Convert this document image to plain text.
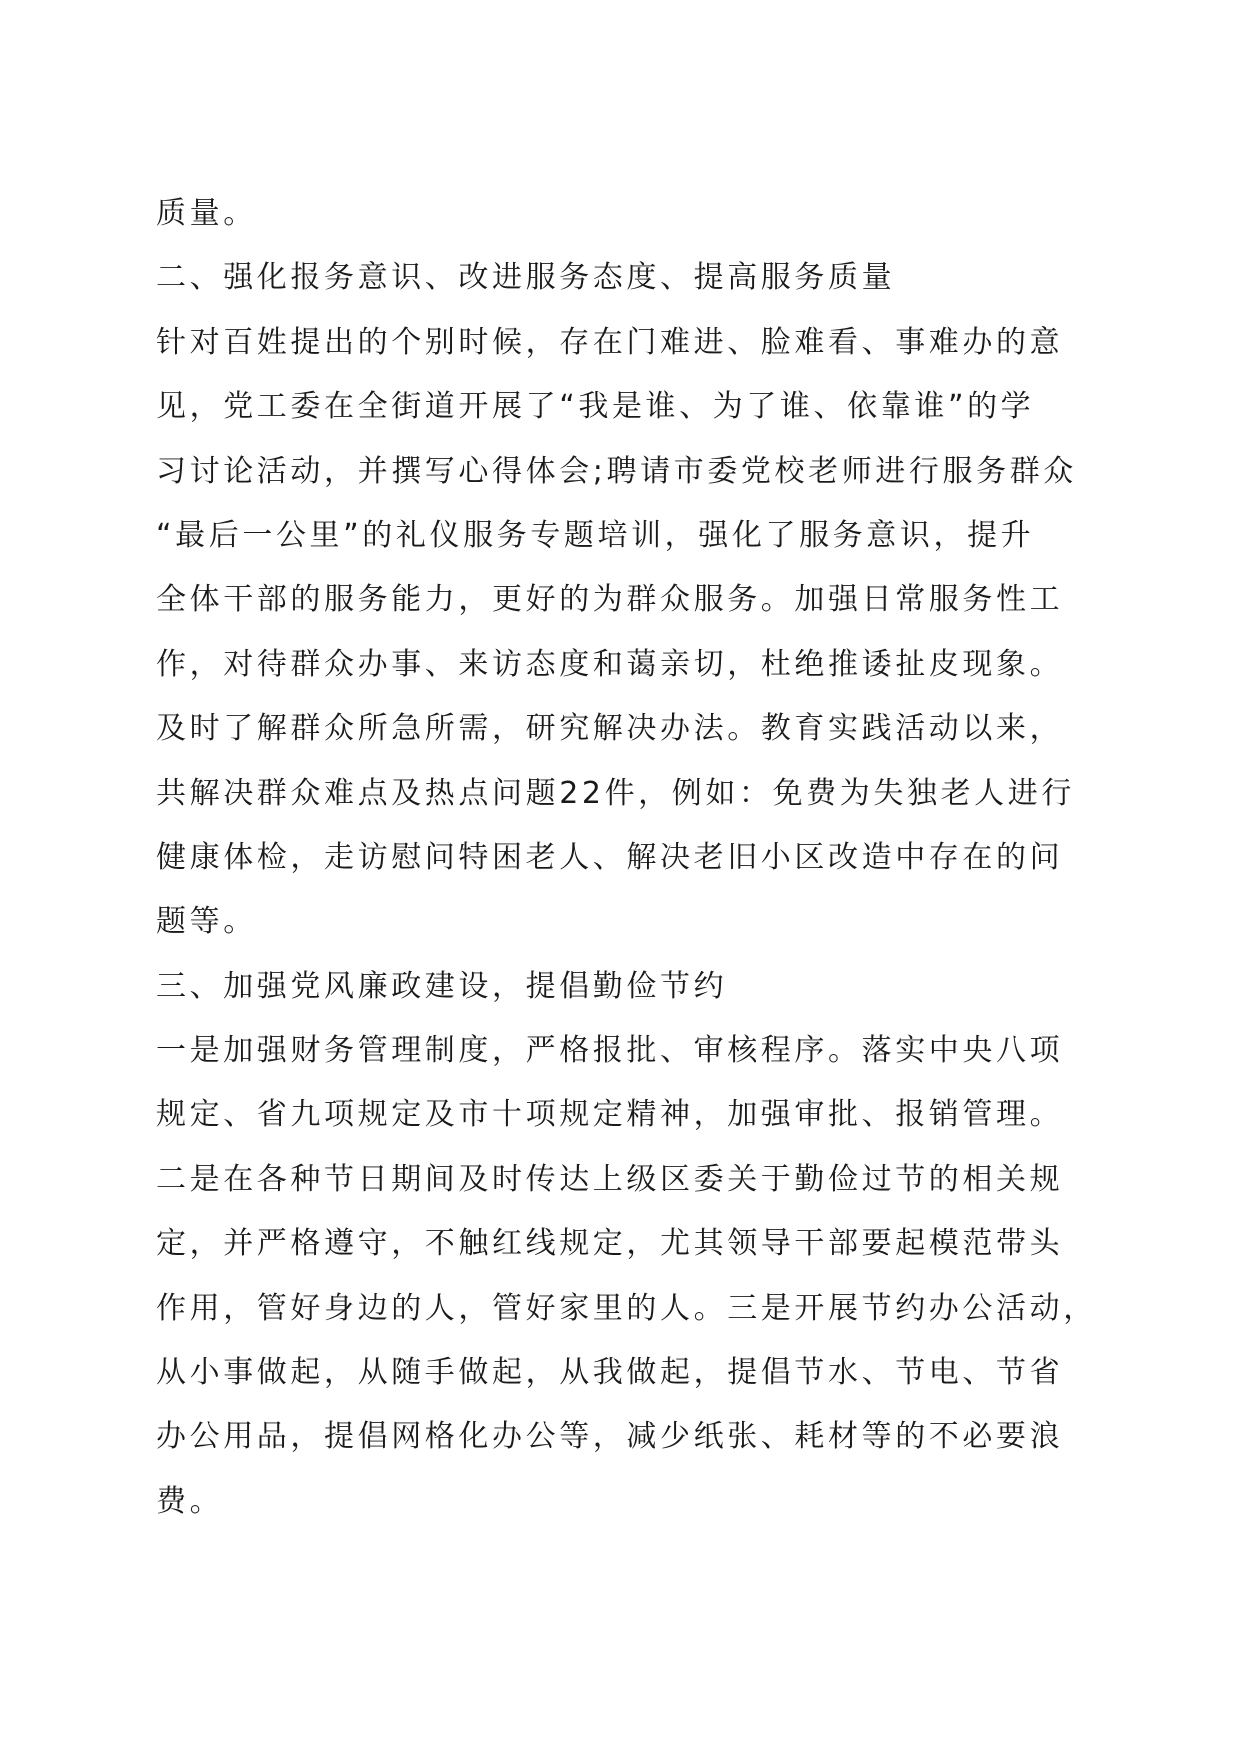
质量。

二、强化报务意识、改进服务态度、提高服务质量

针对百姓提出的个别时候，存在门难进、脸难看、事难办的意

见，党工委在全街道开展了“我是谁、为了谁、依靠谁”的学

习讨论活动，并撰写心得体会;聘请市委党校老师进行服务群众

“最后一公里”的礼仪服务专题培训，强化了服务意识，提升

全体干部的服务能力，更好的为群众服务。加强日常服务性工

作，对待群众办事、来访态度和蔼亲切，杜绝推诿扯皮现象。

及时了解群众所急所需，研究解决办法。教育实践活动以来，

共解决群众难点及热点问题22件，例如：免费为失独老人进行

健康体检，走访慰问特困老人、解决老旧小区改造中存在的问

题等。

三、加强党风廉政建设，提倡勤俭节约

一是加强财务管理制度，严格报批、审核程序。落实中央八项

规定、省九项规定及市十项规定精神，加强审批、报销管理。

二是在各种节日期间及时传达上级区委关于勤俭过节的相关规

定，并严格遵守，不触红线规定，尤其领导干部要起模范带头

作用，管好身边的人，管好家里的人。三是开展节约办公活动，

从小事做起，从随手做起，从我做起，提倡节水、节电、节省

办公用品，提倡网格化办公等，减少纸张、耗材等的不必要浪

费。
